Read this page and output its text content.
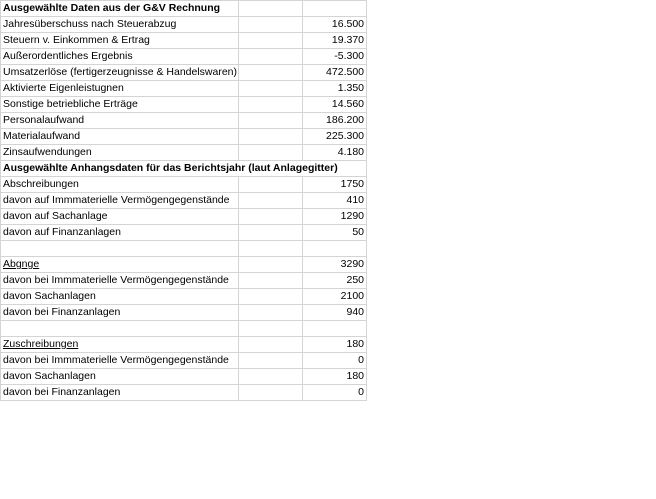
Ausgewählte Daten aus der G&V Rechnung		
Jahresüberschuss nach Steuerabzug		16.500
Steuern v. Einkommen & Ertrag		19.370
Außerordentliches Ergebnis		-5.300
Umsatzerlöse (fertigerzeugnisse & Handelswaren)		472.500
Aktivierte Eigenleistugnen		1.350
Sonstige betriebliche Erträge		14.560
Personalaufwand		186.200
Materialaufwand		225.300
Zinsaufwendungen		4.180
Ausgewählte Anhangsdaten für das Berichtsjahr (laut Anlagegitter)		
Abschreibungen		1750
davon auf Immmaterielle Vermögengegenstände		410
davon auf Sachanlage		1290
davon auf Finanzanlagen		50

Abgnge		3290
davon bei Immmaterielle Vermögengegenstände		250
davon Sachanlagen		2100
davon bei Finanzanlagen		940

Zuschreibungen		180
davon bei Immmaterielle Vermögengegenstände		0
davon Sachanlagen		180
davon bei Finanzanlagen		0
